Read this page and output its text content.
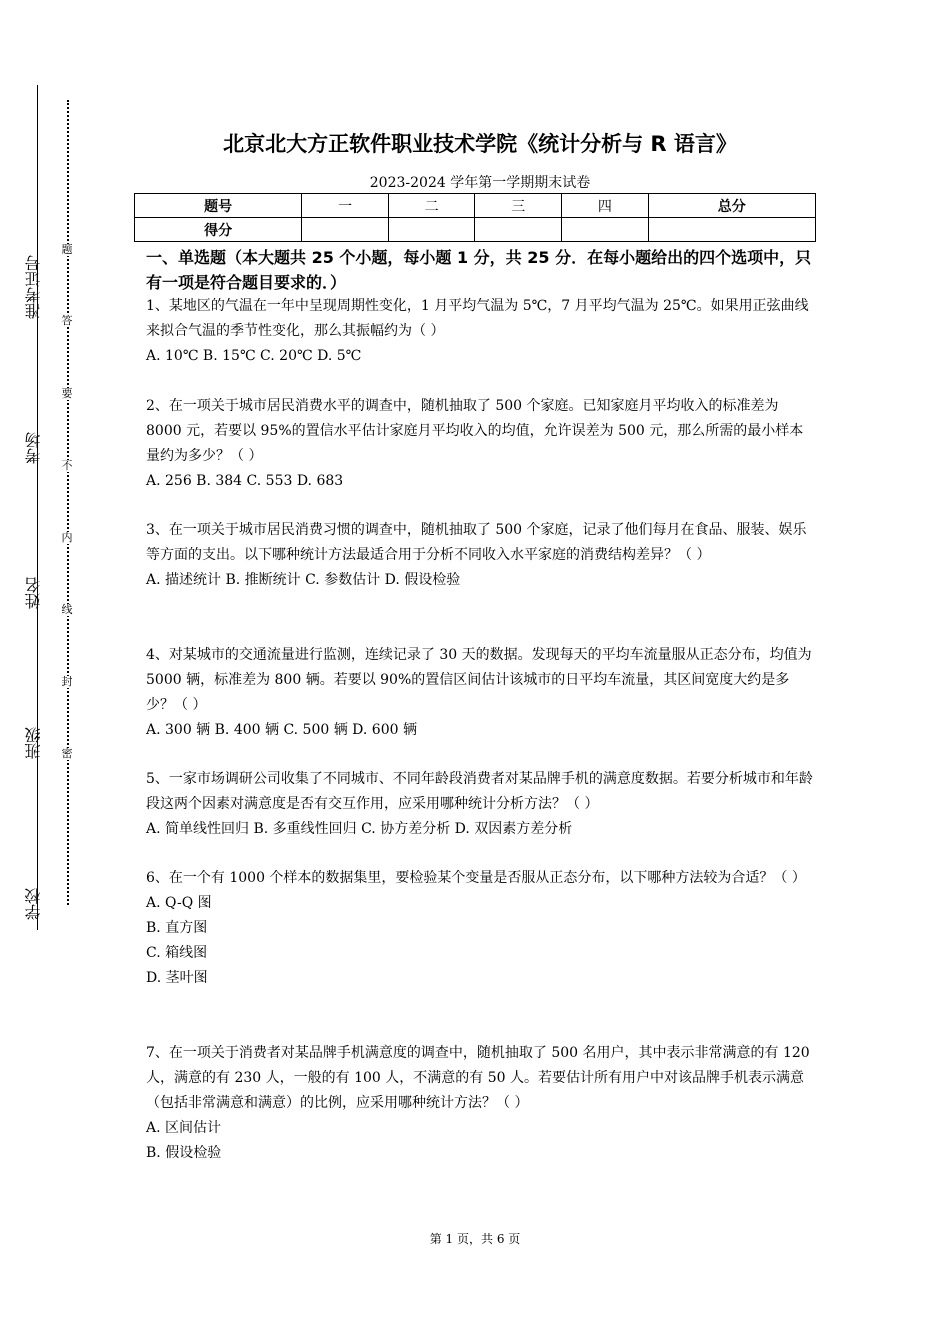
准考证号
考场
姓名
班级
学校
题
答
要
不
内
线
封
密
北京北大方正软件职业技术学院《统计分析与 R 语言》
2023-2024 学年第一学期期末试卷
题号	一	二	三	四	总分
得分					
一、单选题（本大题共 25 个小题，每小题 1 分，共 25 分．在每小题给出的四个选项中，只有一项是符合题目要求的．）

1、某地区的气温在一年中呈现周期性变化，1 月平均气温为 5℃，7 月平均气温为 25℃。如果用正弦曲线来拟合气温的季节性变化，那么其振幅约为（ ）

A. 10℃ B. 15℃ C. 20℃ D. 5℃

2、在一项关于城市居民消费水平的调查中，随机抽取了 500 个家庭。已知家庭月平均收入的标准差为 8000 元，若要以 95%的置信水平估计家庭月平均收入的均值，允许误差为 500 元，那么所需的最小样本量约为多少？（ ）

A. 256 B. 384 C. 553 D. 683

3、在一项关于城市居民消费习惯的调查中，随机抽取了 500 个家庭，记录了他们每月在食品、服装、娱乐等方面的支出。以下哪种统计方法最适合用于分析不同收入水平家庭的消费结构差异？（ ）

A. 描述统计 B. 推断统计 C. 参数估计 D. 假设检验

4、对某城市的交通流量进行监测，连续记录了 30 天的数据。发现每天的平均车流量服从正态分布，均值为 5000 辆，标准差为 800 辆。若要以 90%的置信区间估计该城市的日平均车流量，其区间宽度大约是多少？（ ）

A. 300 辆 B. 400 辆 C. 500 辆 D. 600 辆

5、一家市场调研公司收集了不同城市、不同年龄段消费者对某品牌手机的满意度数据。若要分析城市和年龄段这两个因素对满意度是否有交互作用，应采用哪种统计分析方法？（ ）

A. 简单线性回归 B. 多重线性回归 C. 协方差分析 D. 双因素方差分析

6、在一个有 1000 个样本的数据集里，要检验某个变量是否服从正态分布，以下哪种方法较为合适？（ ）

A. Q-Q 图

B. 直方图

C. 箱线图

D. 茎叶图

7、在一项关于消费者对某品牌手机满意度的调查中，随机抽取了 500 名用户，其中表示非常满意的有 120 人，满意的有 230 人，一般的有 100 人，不满意的有 50 人。若要估计所有用户中对该品牌手机表示满意（包括非常满意和满意）的比例，应采用哪种统计方法？（ ）

A. 区间估计

B. 假设检验

第 1 页，共 6 页
